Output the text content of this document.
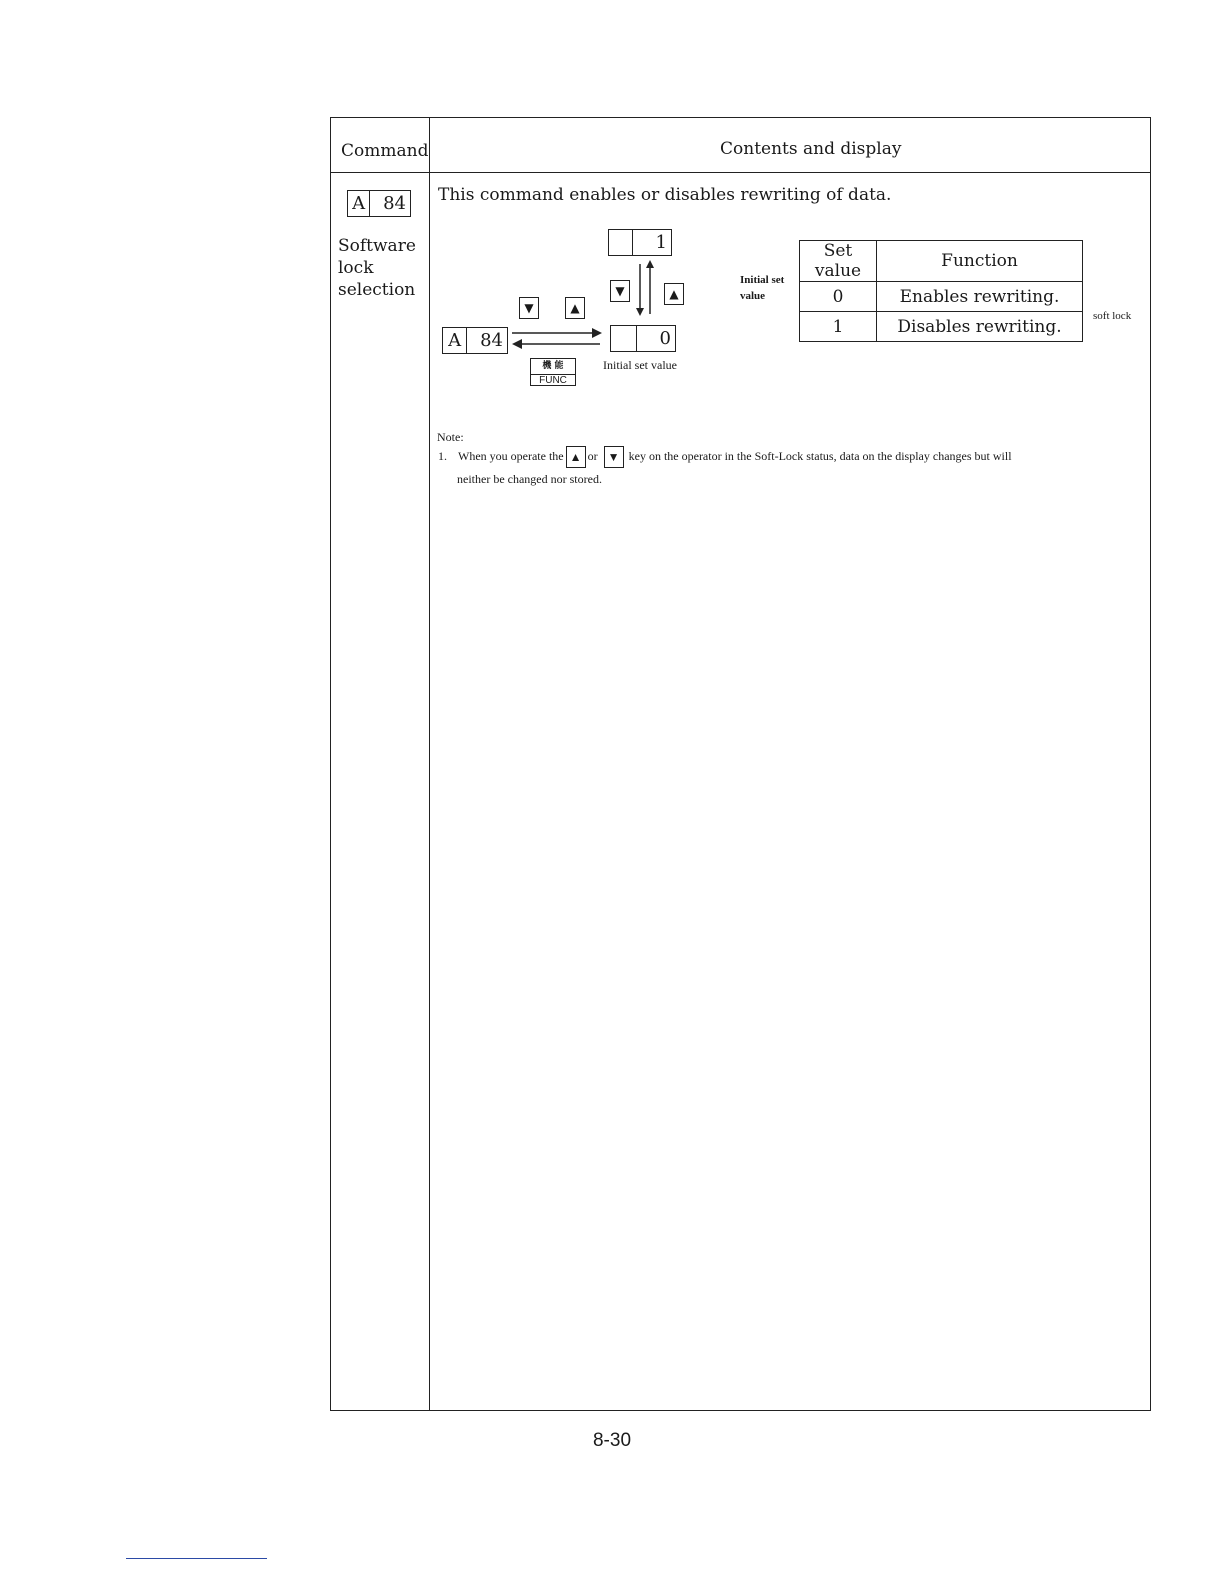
Command	Contents and display
A 84
Software
lock
selection
This command enables or disables rewriting of data.
1
▼	▲
▼	▲
A	84	0
機 能
FUNC
Initial set value
Initial set
value
Set value	Function
0	Enables rewriting.
1	Disables rewriting.
soft lock
Note:
1. When you operate the ▲ or ▼ key on the operator in the Soft-Lock status, data on the display changes but will
neither be changed nor stored.
8-30
